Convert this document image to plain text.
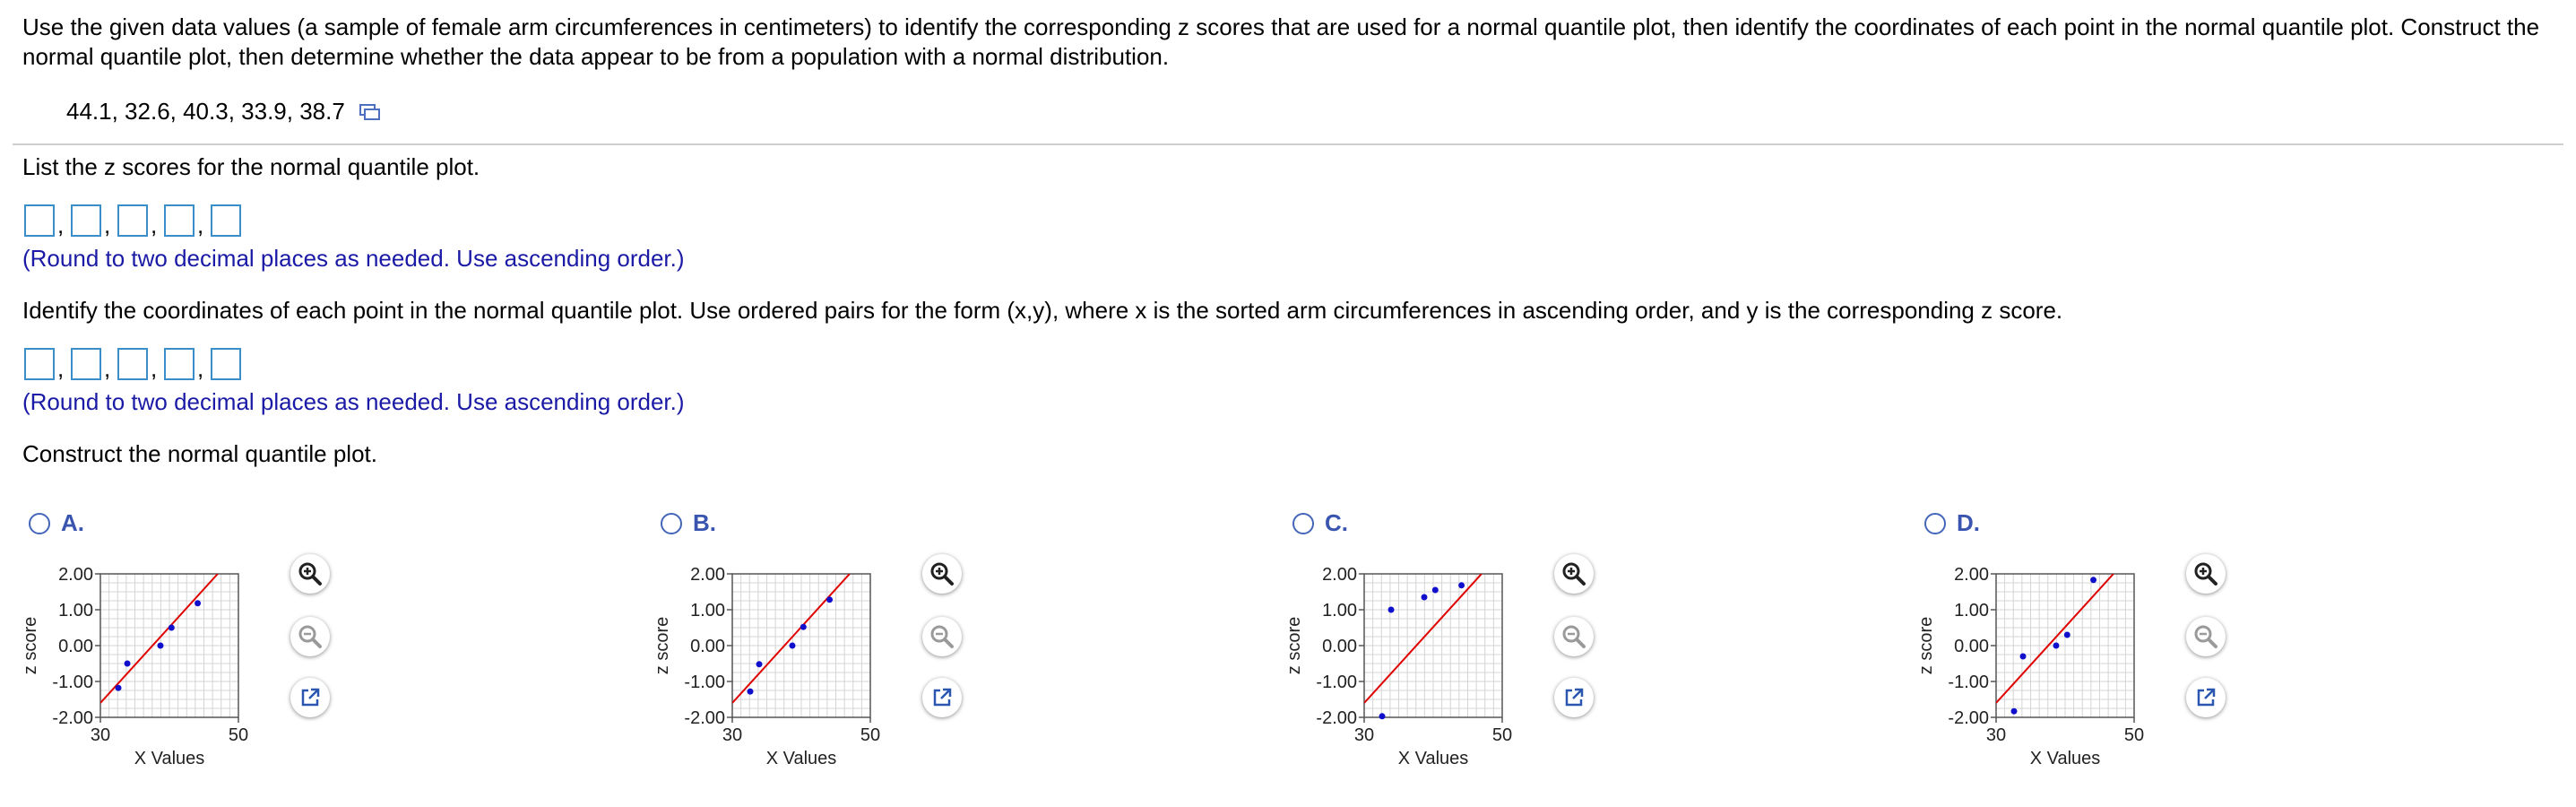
Use the given data values (a sample of female arm circumferences in centimeters) to identify the corresponding z scores that are used for a normal quantile plot, then identify the coordinates of each point in the normal quantile plot. Construct the normal quantile plot, then determine whether the data appear to be from a population with a normal distribution.
44.1, 32.6, 40.3, 33.9, 38.7
List the z scores for the normal quantile plot.
, , , ,
(Round to two decimal places as needed. Use ascending order.)
Identify the coordinates of each point in the normal quantile plot. Use ordered pairs for the form (x,y), where x is the sorted arm circumferences in ascending order, and y is the corresponding z score.
, , , ,
(Round to two decimal places as needed. Use ascending order.)
Construct the normal quantile plot.
A.
2.00
1.00
0.00
-1.00
-2.00
30	50
X Values
z score
B.
2.00
1.00
0.00
-1.00
-2.00
30	50
X Values
z score
C.
2.00
1.00
0.00
-1.00
-2.00
30	50
X Values
z score
D.
2.00
1.00
0.00
-1.00
-2.00
30	50
X Values
z score
